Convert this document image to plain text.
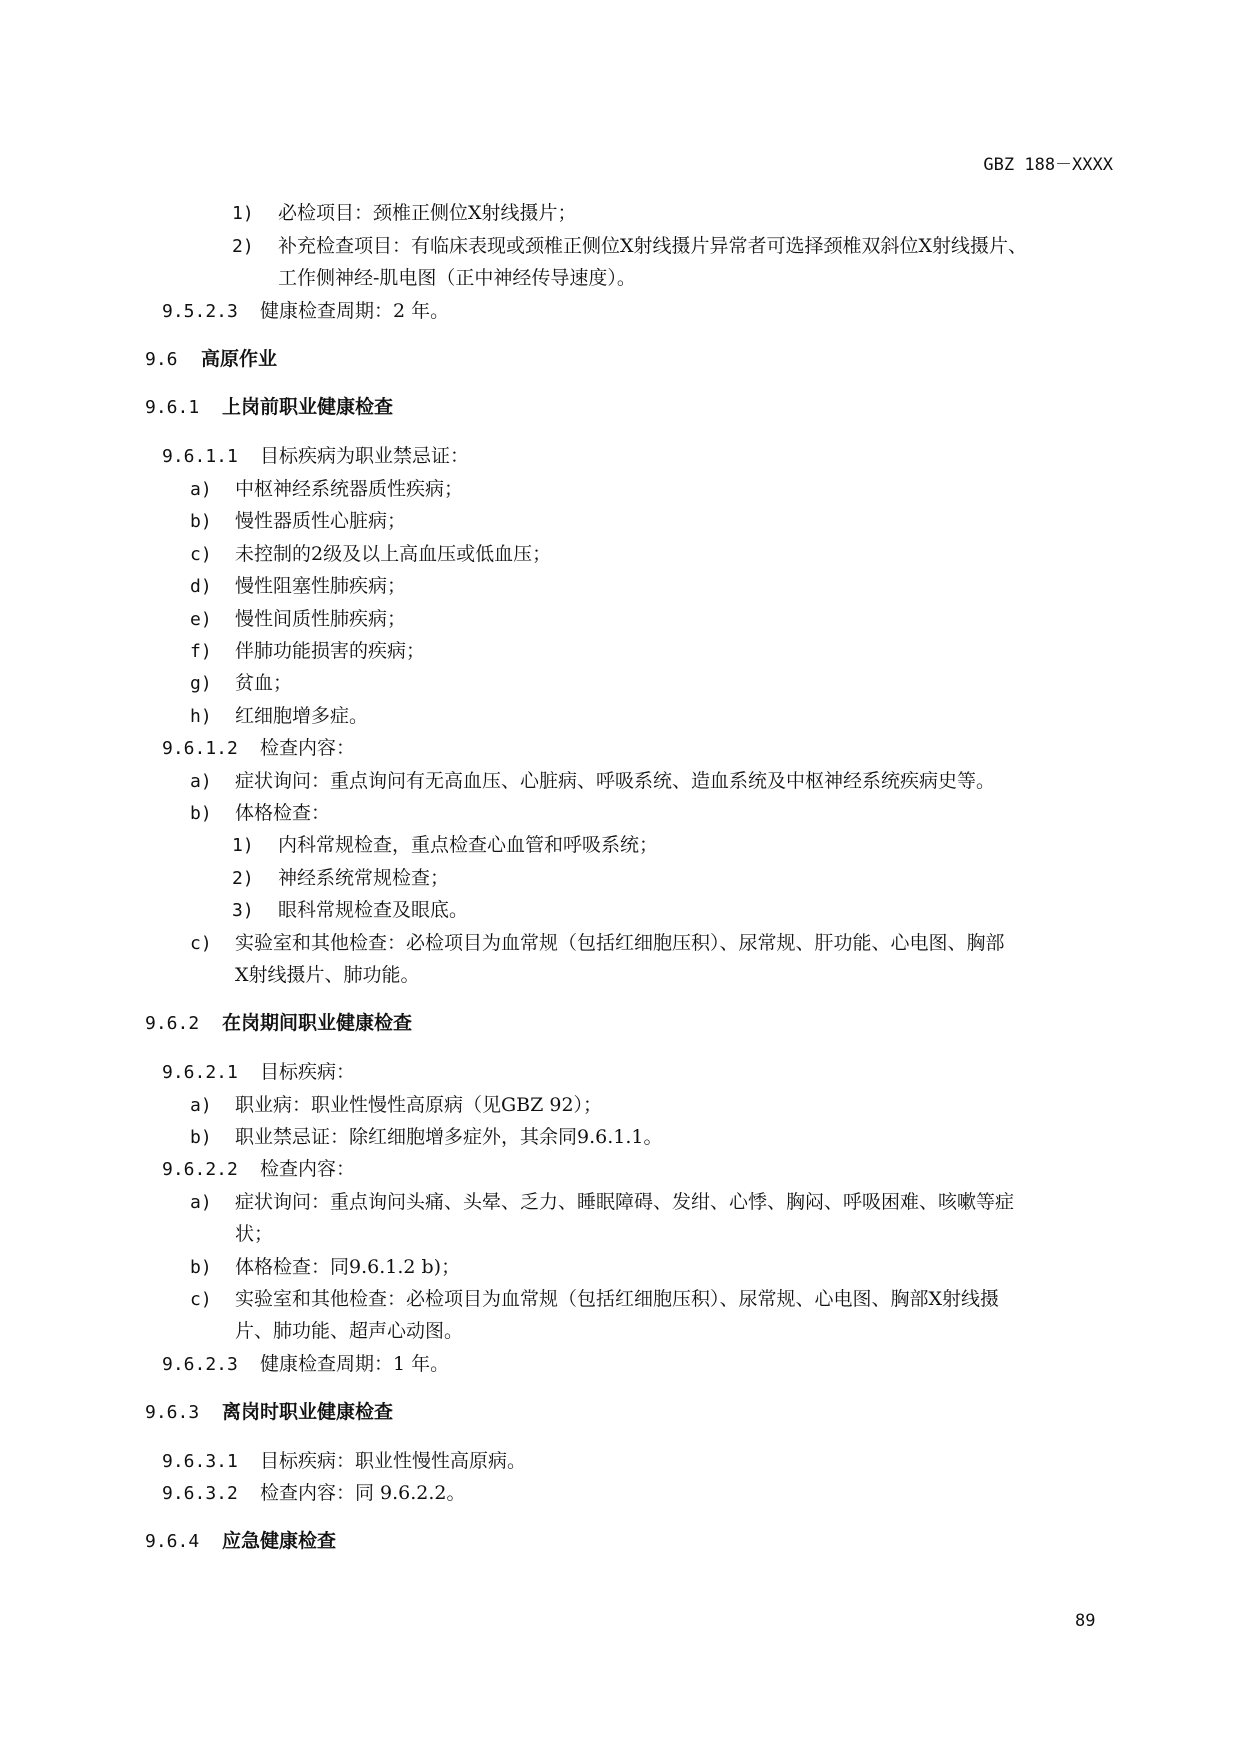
GBZ 188－XXXX
1) 必检项目：颈椎正侧位X射线摄片；
2) 补充检查项目：有临床表现或颈椎正侧位X射线摄片异常者可选择颈椎双斜位X射线摄片、
工作侧神经-肌电图（正中神经传导速度）。
9.5.2.3 健康检查周期：2 年。
9.6 高原作业
9.6.1 上岗前职业健康检查
9.6.1.1 目标疾病为职业禁忌证：
a) 中枢神经系统器质性疾病；
b) 慢性器质性心脏病；
c) 未控制的2级及以上高血压或低血压；
d) 慢性阻塞性肺疾病；
e) 慢性间质性肺疾病；
f) 伴肺功能损害的疾病；
g) 贫血；
h) 红细胞增多症。
9.6.1.2 检查内容：
a) 症状询问：重点询问有无高血压、心脏病、呼吸系统、造血系统及中枢神经系统疾病史等。
b) 体格检查：
1) 内科常规检查，重点检查心血管和呼吸系统；
2) 神经系统常规检查；
3) 眼科常规检查及眼底。
c) 实验室和其他检查：必检项目为血常规（包括红细胞压积）、尿常规、肝功能、心电图、胸部
X射线摄片、肺功能。
9.6.2 在岗期间职业健康检查
9.6.2.1 目标疾病：
a) 职业病：职业性慢性高原病（见GBZ 92）；
b) 职业禁忌证：除红细胞增多症外，其余同9.6.1.1。
9.6.2.2 检查内容：
a) 症状询问：重点询问头痛、头晕、乏力、睡眠障碍、发绀、心悸、胸闷、呼吸困难、咳嗽等症
状；
b) 体格检查：同9.6.1.2 b)；
c) 实验室和其他检查：必检项目为血常规（包括红细胞压积）、尿常规、心电图、胸部X射线摄
片、肺功能、超声心动图。
9.6.2.3 健康检查周期：1 年。
9.6.3 离岗时职业健康检查
9.6.3.1 目标疾病：职业性慢性高原病。
9.6.3.2 检查内容：同 9.6.2.2。
9.6.4 应急健康检查
89
